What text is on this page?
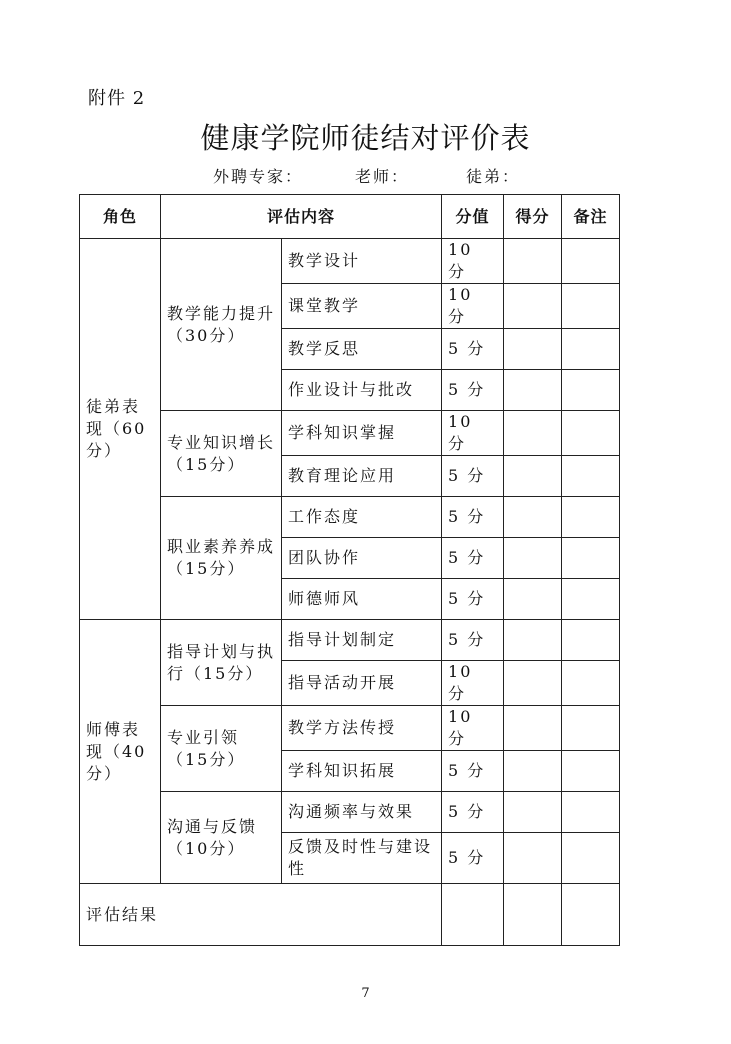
附件 2
健康学院师徒结对评价表
外聘专家：	老师：	徒弟：
角色	评估内容		分值	得分	备注
徒弟表现（60分）	教学能力提升（30分）	教学设计	10 分		
		课堂教学	10 分		
		教学反思	5 分		
		作业设计与批改	5 分		
	专业知识增长（15分）	学科知识掌握	10 分		
		教育理论应用	5 分		
	职业素养养成（15分）	工作态度	5 分		
		团队协作	5 分		
		师德师风	5 分		
师傅表现（40分）	指导计划与执行（15分）	指导计划制定	5 分		
		指导活动开展	10 分		
	专业引领（15分）	教学方法传授	10 分		
		学科知识拓展	5 分		
	沟通与反馈（10分）	沟通频率与效果	5 分		
		反馈及时性与建设性	5 分		
评估结果					
7
